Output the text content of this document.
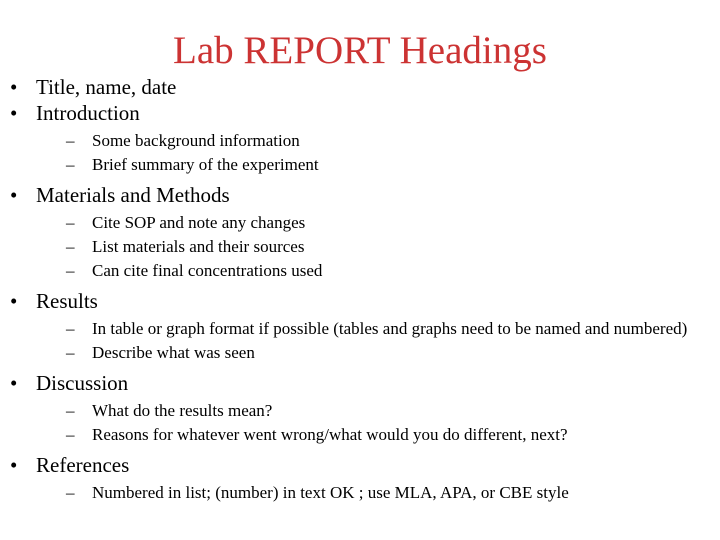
Lab REPORT Headings
• Title, name, date
• Introduction
–	Some background information
–	Brief summary of the experiment
• Materials and Methods
–	Cite SOP and note any changes
–	List materials and their sources
–	Can cite final concentrations used
• Results
–	In table or graph format if possible (tables and graphs need to be named and numbered)
–	Describe what was seen
• Discussion
–	What do the results mean?
–	Reasons for whatever went wrong/what would you do different, next?
• References
–	Numbered in list; (number) in text OK ; use MLA, APA, or CBE style
